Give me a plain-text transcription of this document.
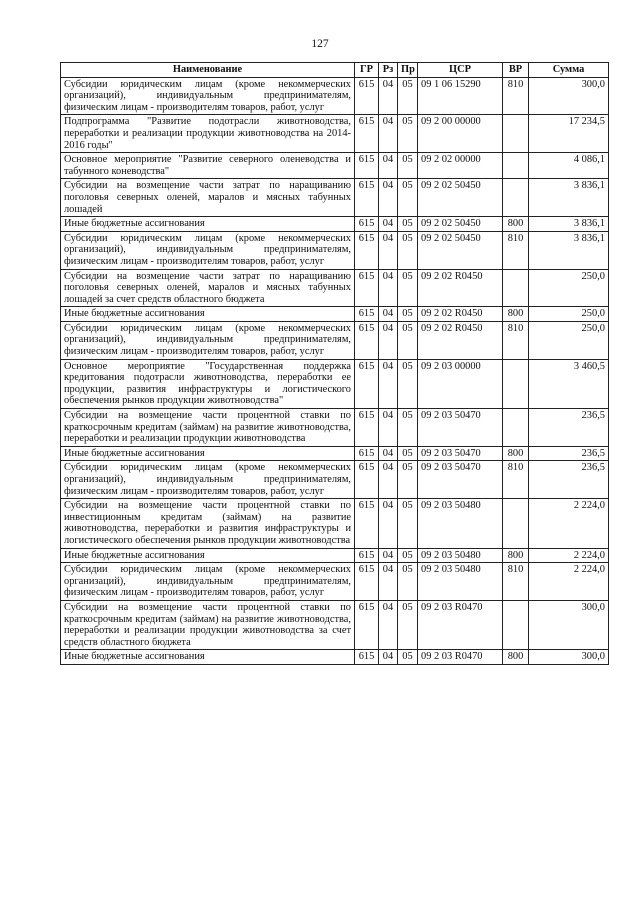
127
Наименование	ГР	Рз	Пр	ЦСР	ВР	Сумма
Субсидии юридическим лицам (кроме некоммерческих организаций), индивидуальным предпринимателям, физическим лицам - производителям товаров, работ, услуг	615	04	05	09 1 06 15290	810	300,0
Подпрограмма "Развитие подотрасли животноводства, переработки и реализации продукции животноводства на 2014-2016 годы"	615	04	05	09 2 00 00000		17 234,5
Основное мероприятие "Развитие северного оленеводства и табунного коневодства"	615	04	05	09 2 02 00000		4 086,1
Субсидии на возмещение части затрат по наращиванию поголовья северных оленей, маралов и мясных табунных лошадей	615	04	05	09 2 02 50450		3 836,1
Иные бюджетные ассигнования	615	04	05	09 2 02 50450	800	3 836,1
Субсидии юридическим лицам (кроме некоммерческих организаций), индивидуальным предпринимателям, физическим лицам - производителям товаров, работ, услуг	615	04	05	09 2 02 50450	810	3 836,1
Субсидии на возмещение части затрат по наращиванию поголовья северных оленей, маралов и мясных табунных лошадей за счет средств областного бюджета	615	04	05	09 2 02 R0450		250,0
Иные бюджетные ассигнования	615	04	05	09 2 02 R0450	800	250,0
Субсидии юридическим лицам (кроме некоммерческих организаций), индивидуальным предпринимателям, физическим лицам - производителям товаров, работ, услуг	615	04	05	09 2 02 R0450	810	250,0
Основное мероприятие "Государственная поддержка кредитования подотрасли животноводства, переработки ее продукции, развития инфраструктуры и логистического обеспечения рынков продукции животноводства"	615	04	05	09 2 03 00000		3 460,5
Субсидии на возмещение части процентной ставки по краткосрочным кредитам (займам) на развитие животноводства, переработки и реализации продукции животноводства	615	04	05	09 2 03 50470		236,5
Иные бюджетные ассигнования	615	04	05	09 2 03 50470	800	236,5
Субсидии юридическим лицам (кроме некоммерческих организаций), индивидуальным предпринимателям, физическим лицам - производителям товаров, работ, услуг	615	04	05	09 2 03 50470	810	236,5
Субсидии на возмещение части процентной ставки по инвестиционным кредитам (займам) на развитие животноводства, переработки и развития инфраструктуры и логистического обеспечения рынков продукции животноводства	615	04	05	09 2 03 50480		2 224,0
Иные бюджетные ассигнования	615	04	05	09 2 03 50480	800	2 224,0
Субсидии юридическим лицам (кроме некоммерческих организаций), индивидуальным предпринимателям, физическим лицам - производителям товаров, работ, услуг	615	04	05	09 2 03 50480	810	2 224,0
Субсидии на возмещение части процентной ставки по краткосрочным кредитам (займам) на развитие животноводства, переработки и реализации продукции животноводства за счет средств областного бюджета	615	04	05	09 2 03 R0470		300,0
Иные бюджетные ассигнования	615	04	05	09 2 03 R0470	800	300,0
